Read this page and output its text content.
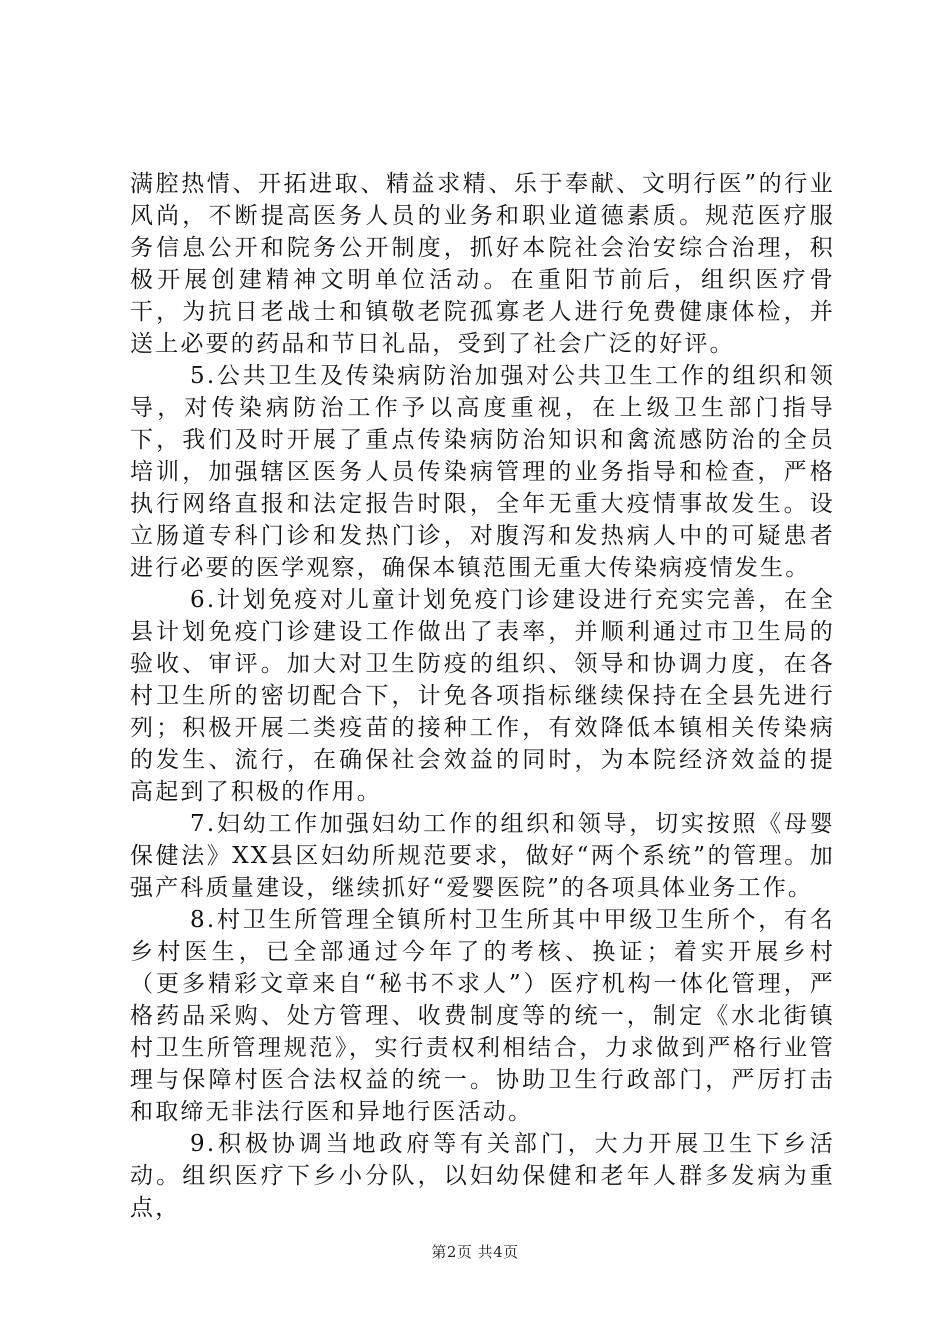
满腔热情、开拓进取、精益求精、乐于奉献、文明行医”的行业风尚，不断提高医务人员的业务和职业道德素质。规范医疗服务信息公开和院务公开制度，抓好本院社会治安综合治理，积极开展创建精神文明单位活动。在重阳节前后，组织医疗骨干，为抗日老战士和镇敬老院孤寡老人进行免费健康体检，并送上必要的药品和节日礼品，受到了社会广泛的好评。

5.公共卫生及传染病防治加强对公共卫生工作的组织和领导，对传染病防治工作予以高度重视，在上级卫生部门指导下，我们及时开展了重点传染病防治知识和禽流感防治的全员培训，加强辖区医务人员传染病管理的业务指导和检查，严格执行网络直报和法定报告时限，全年无重大疫情事故发生。设立肠道专科门诊和发热门诊，对腹泻和发热病人中的可疑患者进行必要的医学观察，确保本镇范围无重大传染病疫情发生。

6.计划免疫对儿童计划免疫门诊建设进行充实完善，在全县计划免疫门诊建设工作做出了表率，并顺利通过市卫生局的验收、审评。加大对卫生防疫的组织、领导和协调力度，在各村卫生所的密切配合下，计免各项指标继续保持在全县先进行列；积极开展二类疫苗的接种工作，有效降低本镇相关传染病的发生、流行，在确保社会效益的同时，为本院经济效益的提高起到了积极的作用。

7.妇幼工作加强妇幼工作的组织和领导，切实按照《母婴保健法》XX县区妇幼所规范要求，做好“两个系统”的管理。加强产科质量建设，继续抓好“爱婴医院”的各项具体业务工作。

8.村卫生所管理全镇所村卫生所其中甲级卫生所个，有名乡村医生，已全部通过今年了的考核、换证；着实开展乡村（更多精彩文章来自“秘书不求人”）医疗机构一体化管理，严格药品采购、处方管理、收费制度等的统一，制定《水北街镇村卫生所管理规范》，实行责权利相结合，力求做到严格行业管理与保障村医合法权益的统一。协助卫生行政部门，严厉打击和取缔无非法行医和异地行医活动。

9.积极协调当地政府等有关部门，大力开展卫生下乡活动。组织医疗下乡小分队，以妇幼保健和老年人群多发病为重点，

第2页 共4页
